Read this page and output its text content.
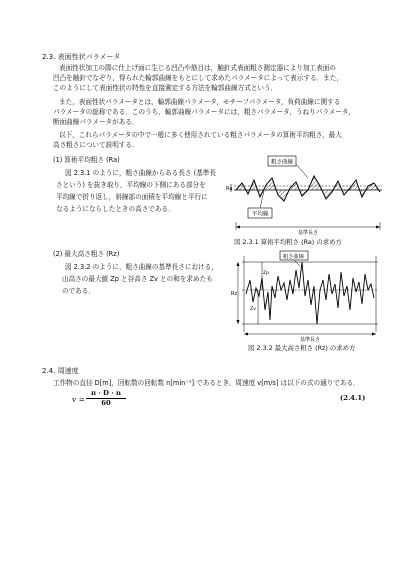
2.3. 表面性状パラメータ
表面性状加工の際に仕上げ面に生じる凹凸や筋目は，触針式表面粗さ測定器により加工表面の
凹凸を触針でなぞり，得られた輪郭曲線をもとにして求めたパラメータによって表示する．また，
このようにして表面性状の特性を直接測定する方法を輪郭曲線方式という．
また，表面性状パラメータとは，輪郭曲線パラメータ，モチーフパラメータ，負荷曲線に関する
パラメータの総称である．このうち，輪郭曲線パラメータには，粗さパラメータ，うねりパラメータ，
断面曲線パラメータがある．
以下，これらパラメータの中で一般に多く使用されている粗さパラメータの算術平均粗さ，最大
高さ粗さについて説明する．
(1) 算術平均粗さ (Ra)
図 2.3.1 のように，粗さ曲線からある長さ (基準長
さという) を抜き取り，平均線の下側にある部分を
平均線で折り返し，斜線部の面積を平均線と平行に
なるようにならしたときの高さである．
Ra
粗さ曲線
平均線
基準長さ
図 2.3.1 算術平均粗さ (Ra) の求め方
(2) 最大高さ粗さ (Rz)
図 2.3.2 のように，粗さ曲線の基準長さにおける，
山高さの最大値 Zp と谷高さ Zv との和を求めたも
のである．	Rz
Zp
Zv
粗さ曲線
基準長さ
図 2.3.2 最大高さ粗さ (Rz) の求め方
2.4. 周速度
工作物の直径 D[m]，回転数の回転数 n[min⁻¹] であるとき，周速度 v[m/s] は以下の式の通りである．
v =
π · D · n
60
(2.4.1)
